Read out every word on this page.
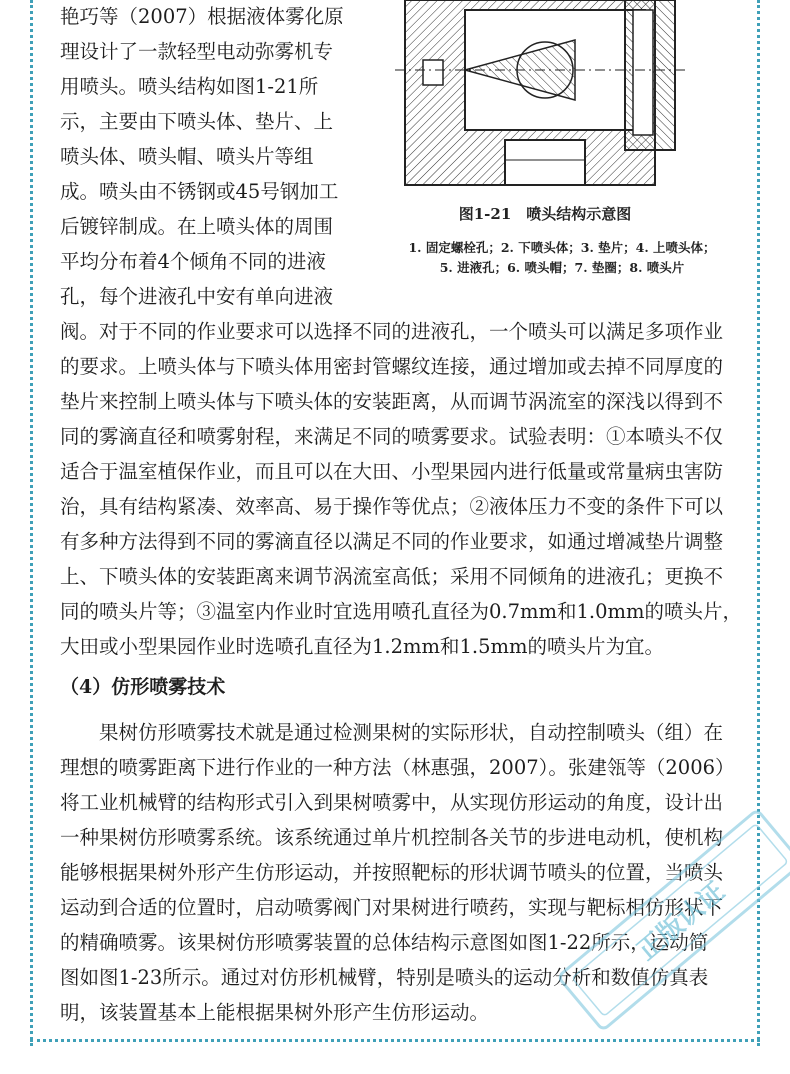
图1-21　喷头结构示意图
1. 固定螺栓孔；2. 下喷头体；3. 垫片；4. 上喷头体；
5. 进液孔；6. 喷头帽；7. 垫圈；8. 喷头片
艳巧等（2007）根据液体雾化原
理设计了一款轻型电动弥雾机专
用喷头。喷头结构如图1-21所
示，主要由下喷头体、垫片、上
喷头体、喷头帽、喷头片等组
成。喷头由不锈钢或45号钢加工
后镀锌制成。在上喷头体的周围
平均分布着4个倾角不同的进液
孔，每个进液孔中安有单向进液
阀。对于不同的作业要求可以选择不同的进液孔，一个喷头可以满足多项作业
的要求。上喷头体与下喷头体用密封管螺纹连接，通过增加或去掉不同厚度的
垫片来控制上喷头体与下喷头体的安装距离，从而调节涡流室的深浅以得到不
同的雾滴直径和喷雾射程，来满足不同的喷雾要求。试验表明：①本喷头不仅
适合于温室植保作业，而且可以在大田、小型果园内进行低量或常量病虫害防
治，具有结构紧凑、效率高、易于操作等优点；②液体压力不变的条件下可以
有多种方法得到不同的雾滴直径以满足不同的作业要求，如通过增减垫片调整
上、下喷头体的安装距离来调节涡流室高低；采用不同倾角的进液孔；更换不
同的喷头片等；③温室内作业时宜选用喷孔直径为0.7mm和1.0mm的喷头片，
大田或小型果园作业时选喷孔直径为1.2mm和1.5mm的喷头片为宜。
（4）仿形喷雾技术
　　果树仿形喷雾技术就是通过检测果树的实际形状，自动控制喷头（组）在
理想的喷雾距离下进行作业的一种方法（林惠强，2007）。张建瓴等（2006）
将工业机械臂的结构形式引入到果树喷雾中，从实现仿形运动的角度，设计出
一种果树仿形喷雾系统。该系统通过单片机控制各关节的步进电动机，使机构
能够根据果树外形产生仿形运动，并按照靶标的形状调节喷头的位置，当喷头
运动到合适的位置时，启动喷雾阀门对果树进行喷药，实现与靶标相仿形状下
的精确喷雾。该果树仿形喷雾装置的总体结构示意图如图1-22所示，运动简
图如图1-23所示。通过对仿形机械臂，特别是喷头的运动分析和数值仿真表
明，该装置基本上能根据果树外形产生仿形运动。
正版认证
